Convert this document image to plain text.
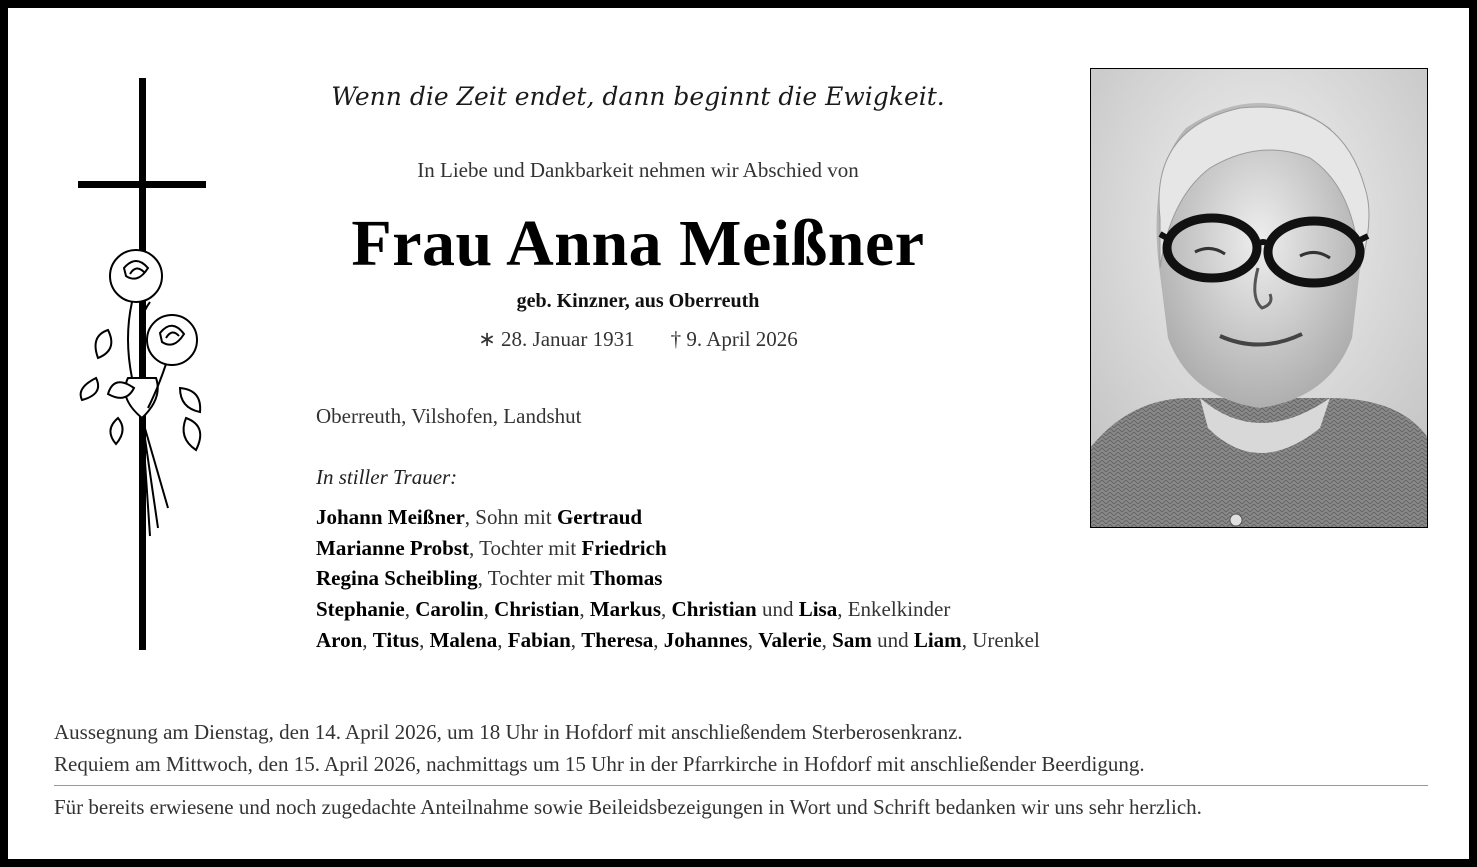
Wenn die Zeit endet, dann beginnt die Ewigkeit.
In Liebe und Dankbarkeit nehmen wir Abschied von
Frau Anna Meißner
geb. Kinzner, aus Oberreuth
∗ 28. Januar 1931 † 9. April 2026
Oberreuth, Vilshofen, Landshut
In stiller Trauer:
Johann Meißner, Sohn mit Gertraud
Marianne Probst, Tochter mit Friedrich
Regina Scheibling, Tochter mit Thomas
Stephanie, Carolin, Christian, Markus, Christian und Lisa, Enkelkinder
Aron, Titus, Malena, Fabian, Theresa, Johannes, Valerie, Sam und Liam, Urenkel
Aussegnung am Dienstag, den 14. April 2026, um 18 Uhr in Hofdorf mit anschließendem Sterberosenkranz.
Requiem am Mittwoch, den 15. April 2026, nachmittags um 15 Uhr in der Pfarrkirche in Hofdorf mit anschließender Beerdigung.
Für bereits erwiesene und noch zugedachte Anteilnahme sowie Beileidsbezeigungen in Wort und Schrift bedanken wir uns sehr herzlich.
